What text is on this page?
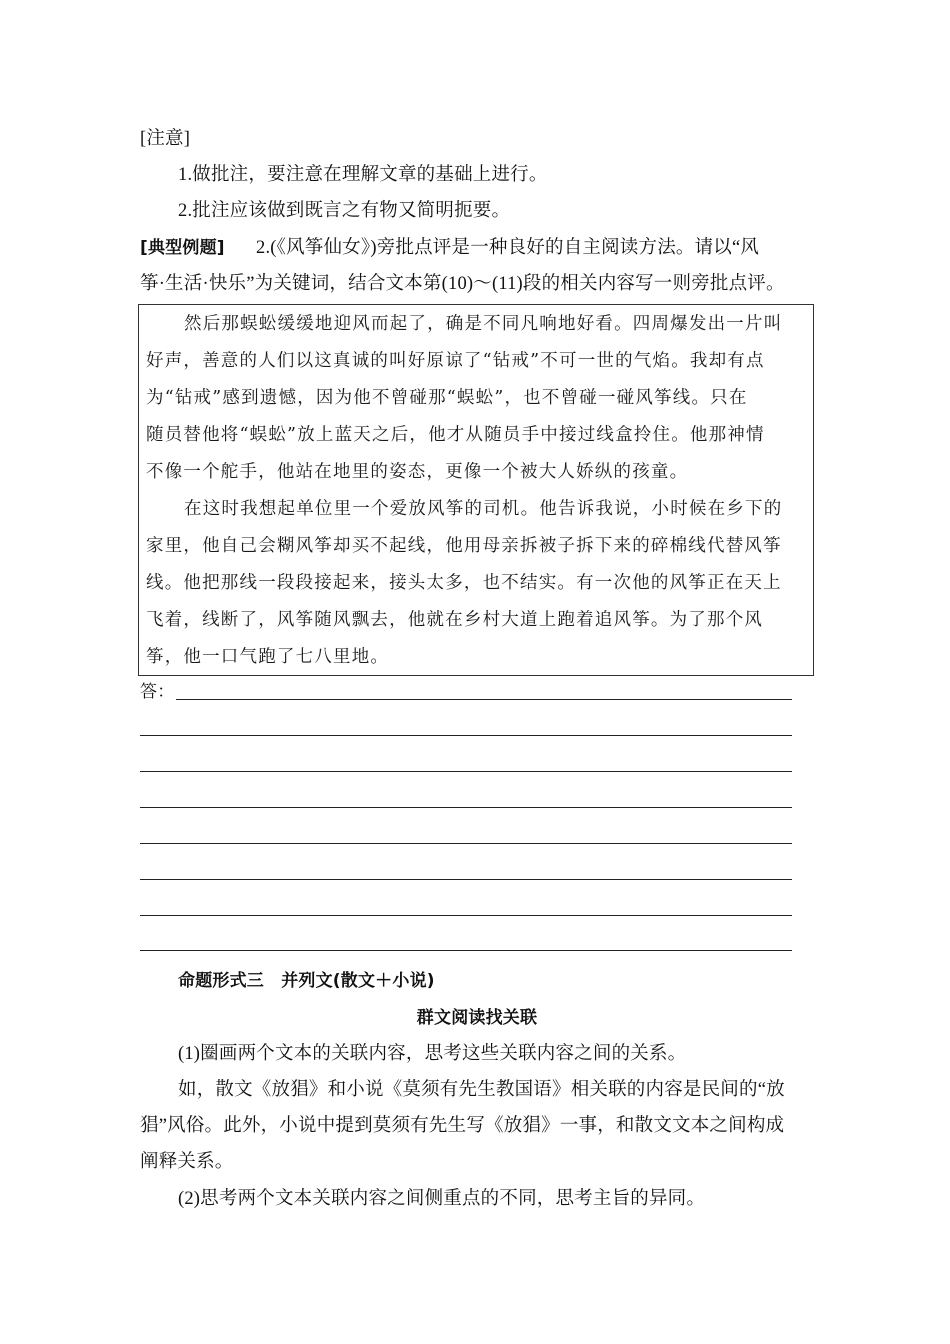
[注意]
1.做批注，要注意在理解文章的基础上进行。
2.批注应该做到既言之有物又简明扼要。
[典型例题] 2.(《风筝仙女》)旁批点评是一种良好的自主阅读方法。请以“风
筝·生活·快乐”为关键词，结合文本第(10)～(11)段的相关内容写一则旁批点评。
然后那蜈蚣缓缓地迎风而起了，确是不同凡响地好看。四周爆发出一片叫
好声，善意的人们以这真诚的叫好原谅了“钻戒”不可一世的气焰。我却有点
为“钻戒”感到遗憾，因为他不曾碰那“蜈蚣”，也不曾碰一碰风筝线。只在
随员替他将“蜈蚣”放上蓝天之后，他才从随员手中接过线盒拎住。他那神情
不像一个舵手，他站在地里的姿态，更像一个被大人娇纵的孩童。
在这时我想起单位里一个爱放风筝的司机。他告诉我说，小时候在乡下的
家里，他自己会糊风筝却买不起线，他用母亲拆被子拆下来的碎棉线代替风筝
线。他把那线一段段接起来，接头太多，也不结实。有一次他的风筝正在天上
飞着，线断了，风筝随风飘去，他就在乡村大道上跑着追风筝。为了那个风
筝，他一口气跑了七八里地。
答：
命题形式三　并列文(散文＋小说)
群文阅读找关联
(1)圈画两个文本的关联内容，思考这些关联内容之间的关系。
如，散文《放猖》和小说《莫须有先生教国语》相关联的内容是民间的“放
猖”风俗。此外，小说中提到莫须有先生写《放猖》一事，和散文文本之间构成
阐释关系。
(2)思考两个文本关联内容之间侧重点的不同，思考主旨的异同。
